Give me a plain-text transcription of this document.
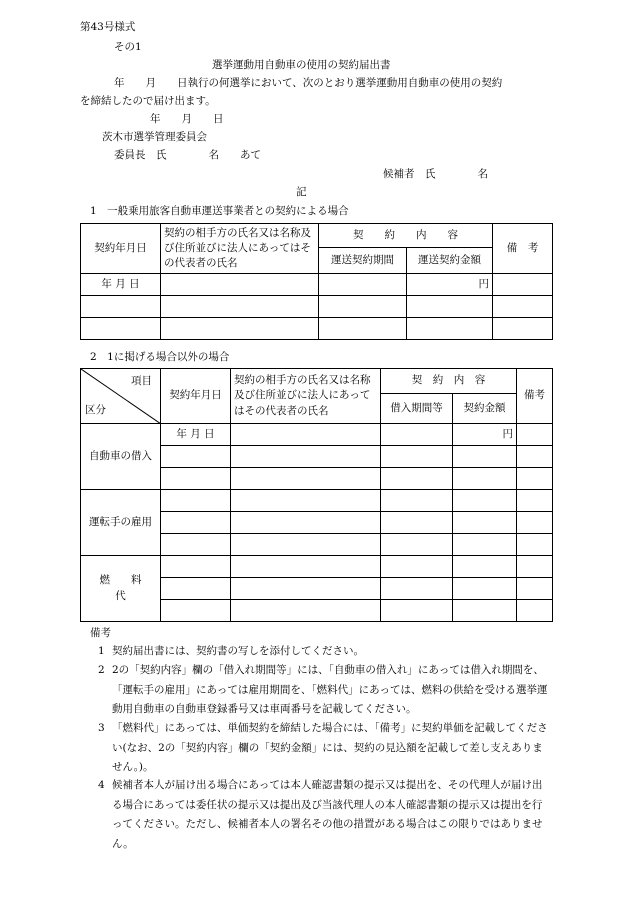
第43号様式
その1
選挙運動用自動車の使用の契約届出書
年　　月　　日執行の何選挙において、次のとおり選挙運動用自動車の使用の契約
を締結したので届け出ます。
年　　月　　日
茨木市選挙管理委員会
委員長　氏　　　　名　　あて
候補者　氏　　　　名
記
1　一般乗用旅客自動車運送事業者との契約による場合
契約年月日	契約の相手方の氏名又は名称及び住所並びに法人にあってはその代表者の氏名	契　　約　　内　　容		備　考
		運送契約期間	運送契約金額	
年 月 日			円	

2　1に掲げる場合以外の場合
項目
区分	契約年月日	契約の相手方の氏名又は名称及び住所並びに法人にあってはその代表者の氏名	契　約　内　容		備考
			借入期間等	契約金額	
自動車の借入	年 月 日			円	

運転手の雇用					

燃　　料　　代					

備考
1 契約届出書には、契約書の写しを添付してください。
2 2の「契約内容」欄の「借入れ期間等」には、「自動車の借入れ」にあっては借入れ期間を、「運転手の雇用」にあっては雇用期間を、「燃料代」にあっては、燃料の供給を受ける選挙運動用自動車の自動車登録番号又は車両番号を記載してください。
3 「燃料代」にあっては、単価契約を締結した場合には、「備考」に契約単価を記載してください(なお、2の「契約内容」欄の「契約金額」には、契約の見込額を記載して差し支えありません。)。
4 候補者本人が届け出る場合にあっては本人確認書類の提示又は提出を、その代理人が届け出る場合にあっては委任状の提示又は提出及び当該代理人の本人確認書類の提示又は提出を行ってください。ただし、候補者本人の署名その他の措置がある場合はこの限りではありません。
